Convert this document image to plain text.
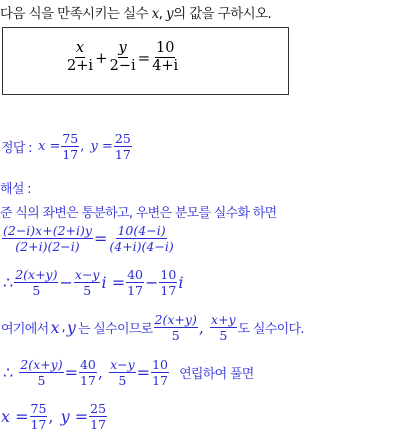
다음 식을 만족시키는 실수 x, y의 값을 구하시오.
$\frac{x}{2+i} + \frac{y}{2-i} = \frac{10}{4+i}$
정답 : $x = \frac{75}{17}$ , $y = \frac{25}{17}$
해설 :
준 식의 좌변은 통분하고, 우변은 분모를 실수화 하면
$\frac{(2-i)x+(2+i)y}{(2+i)(2-i)} = \frac{10(4-i)}{(4+i)(4-i)}$
∴ $\frac{2(x+y)}{5} - \frac{x-y}{5}$ $i = \frac{40}{17} - \frac{10}{17}$ i
여기에서x ,y 는 실수이므로 $\frac{2(x+y)}{5}$ , $\frac{x+y}{5}$ 도 실수이다.
∴ $\frac{2(x+y)}{5} = \frac{40}{17}$ , $\frac{x-y}{5} = \frac{10}{17}$ 연립하여 풀면
$x = \frac{75}{17}$ , $y = \frac{25}{17}$
